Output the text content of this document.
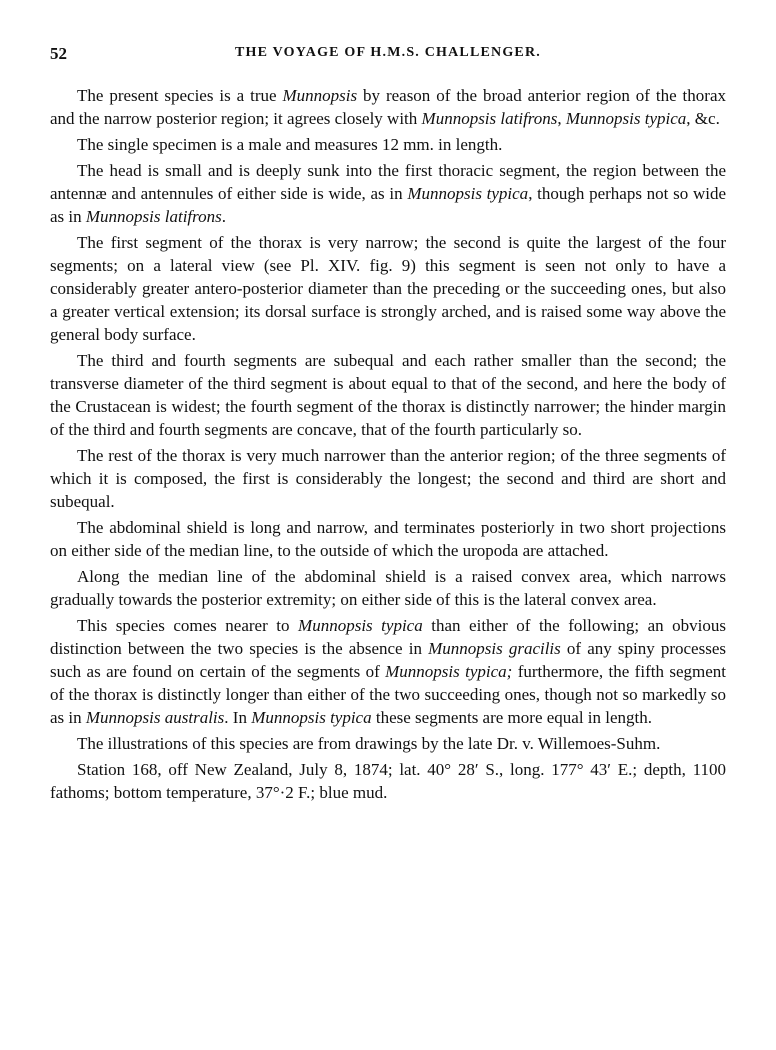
52	THE VOYAGE OF H.M.S. CHALLENGER.

The present species is a true Munnopsis by reason of the broad anterior region of the thorax and the narrow posterior region; it agrees closely with Munnopsis latifrons, Munnopsis typica, &c.

The single specimen is a male and measures 12 mm. in length.

The head is small and is deeply sunk into the first thoracic segment, the region between the antennæ and antennules of either side is wide, as in Munnopsis typica, though perhaps not so wide as in Munnopsis latifrons.

The first segment of the thorax is very narrow; the second is quite the largest of the four segments; on a lateral view (see Pl. XIV. fig. 9) this segment is seen not only to have a considerably greater antero-posterior diameter than the preceding or the succeeding ones, but also a greater vertical extension; its dorsal surface is strongly arched, and is raised some way above the general body surface.

The third and fourth segments are subequal and each rather smaller than the second; the transverse diameter of the third segment is about equal to that of the second, and here the body of the Crustacean is widest; the fourth segment of the thorax is distinctly narrower; the hinder margin of the third and fourth segments are concave, that of the fourth particularly so.

The rest of the thorax is very much narrower than the anterior region; of the three segments of which it is composed, the first is considerably the longest; the second and third are short and subequal.

The abdominal shield is long and narrow, and terminates posteriorly in two short projections on either side of the median line, to the outside of which the uropoda are attached.

Along the median line of the abdominal shield is a raised convex area, which narrows gradually towards the posterior extremity; on either side of this is the lateral convex area.

This species comes nearer to Munnopsis typica than either of the following; an obvious distinction between the two species is the absence in Munnopsis gracilis of any spiny processes such as are found on certain of the segments of Munnopsis typica; furthermore, the fifth segment of the thorax is distinctly longer than either of the two succeeding ones, though not so markedly so as in Munnopsis australis. In Munnopsis typica these segments are more equal in length.

The illustrations of this species are from drawings by the late Dr. v. Willemoes-Suhm.

Station 168, off New Zealand, July 8, 1874; lat. 40° 28′ S., long. 177° 43′ E.; depth, 1100 fathoms; bottom temperature, 37°·2 F.; blue mud.
